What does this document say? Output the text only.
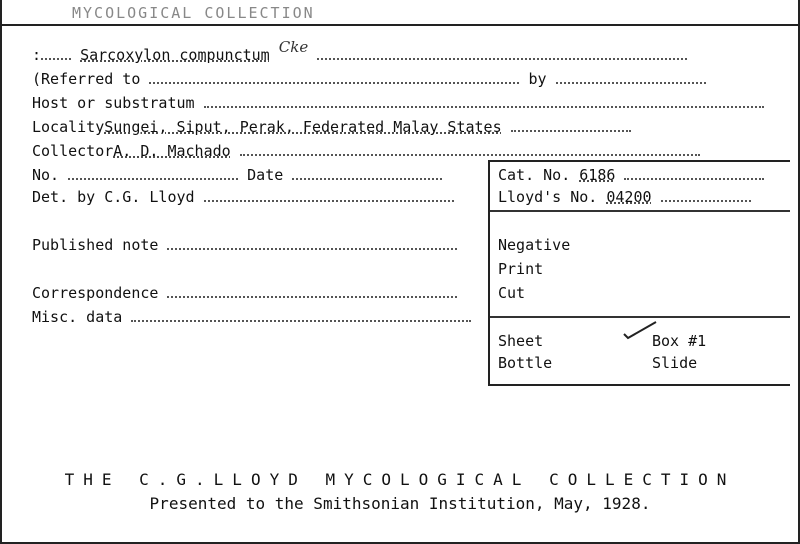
MYCOLOGICAL COLLECTION
:	Sarcoxylon compunctum Cke
(Referred to	by
Host or substratum
LocalitySungei, Siput, Perak, Federated Malay States
CollectorA. D. Machado
No.	Date
Det. by C.G. Lloyd
Published note
Correspondence
Misc. data
Cat. No. 6186
Lloyd's No. 04200
Negative
Print
Cut
Sheet	Box #1
Bottle	Slide
THE C.G.LLOYD MYCOLOGICAL COLLECTION
Presented to the Smithsonian Institution, May, 1928.
